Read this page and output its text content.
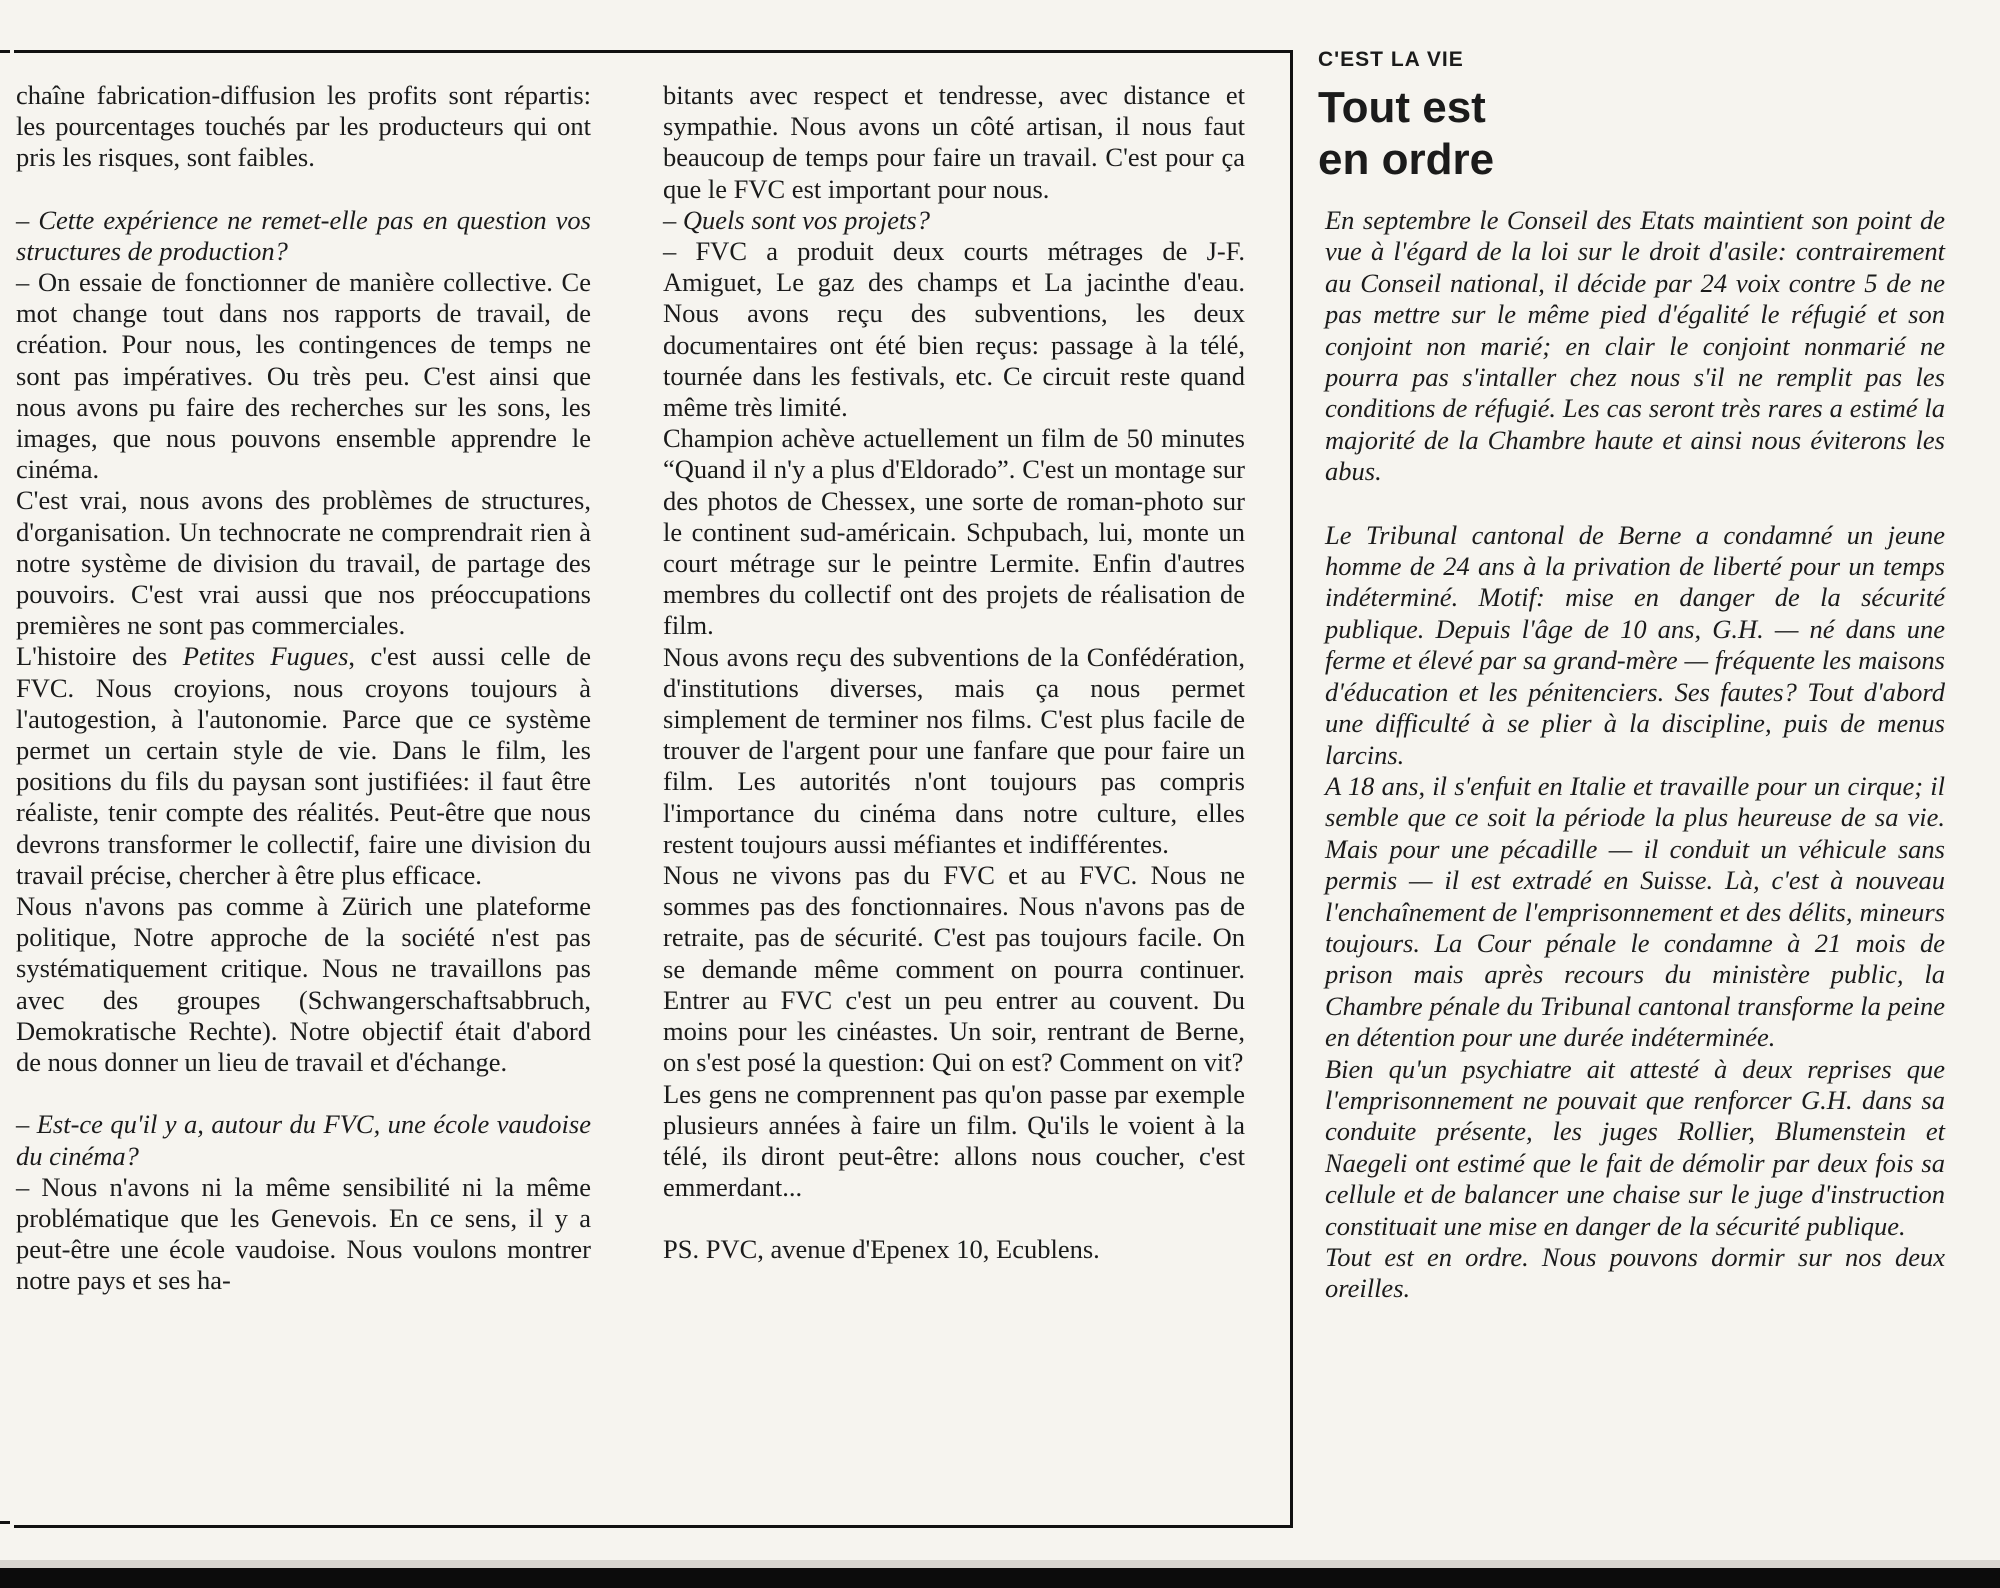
chaîne fabrication-diffusion les profits sont répartis: les pourcentages touchés par les producteurs qui ont pris les risques, sont faibles.

– Cette expérience ne remet-elle pas en question vos structures de production?

– On essaie de fonctionner de manière collective. Ce mot change tout dans nos rapports de travail, de création. Pour nous, les contingences de temps ne sont pas impératives. Ou très peu. C'est ainsi que nous avons pu faire des recherches sur les sons, les images, que nous pouvons ensemble apprendre le cinéma.

C'est vrai, nous avons des problèmes de structures, d'organisation. Un technocrate ne comprendrait rien à notre système de division du travail, de partage des pouvoirs. C'est vrai aussi que nos préoccupations premières ne sont pas commerciales.

L'histoire des Petites Fugues, c'est aussi celle de FVC. Nous croyions, nous croyons toujours à l'autogestion, à l'autonomie. Parce que ce système permet un certain style de vie. Dans le film, les positions du fils du paysan sont justifiées: il faut être réaliste, tenir compte des réalités. Peut-être que nous devrons transformer le collectif, faire une division du travail précise, chercher à être plus efficace.

Nous n'avons pas comme à Zürich une plateforme politique, Notre approche de la société n'est pas systématiquement critique. Nous ne travaillons pas avec des groupes (Schwangerschaftsabbruch, Demokratische Rechte). Notre objectif était d'abord de nous donner un lieu de travail et d'échange.

– Est-ce qu'il y a, autour du FVC, une école vaudoise du cinéma?

– Nous n'avons ni la même sensibilité ni la même problématique que les Genevois. En ce sens, il y a peut-être une école vaudoise. Nous voulons montrer notre pays et ses ha-

bitants avec respect et tendresse, avec distance et sympathie. Nous avons un côté artisan, il nous faut beaucoup de temps pour faire un travail. C'est pour ça que le FVC est important pour nous.

– Quels sont vos projets?

– FVC a produit deux courts métrages de J-F. Amiguet, Le gaz des champs et La jacinthe d'eau. Nous avons reçu des subventions, les deux documentaires ont été bien reçus: passage à la télé, tournée dans les festivals, etc. Ce circuit reste quand même très limité.

Champion achève actuellement un film de 50 minutes “Quand il n'y a plus d'Eldorado”. C'est un montage sur des photos de Chessex, une sorte de roman-photo sur le continent sud-américain. Schpubach, lui, monte un court métrage sur le peintre Lermite. Enfin d'autres membres du collectif ont des projets de réalisation de film.

Nous avons reçu des subventions de la Confédération, d'institutions diverses, mais ça nous permet simplement de terminer nos films. C'est plus facile de trouver de l'argent pour une fanfare que pour faire un film. Les autorités n'ont toujours pas compris l'importance du cinéma dans notre culture, elles restent toujours aussi méfiantes et indifférentes.

Nous ne vivons pas du FVC et au FVC. Nous ne sommes pas des fonctionnaires. Nous n'avons pas de retraite, pas de sécurité. C'est pas toujours facile. On se demande même comment on pourra continuer. Entrer au FVC c'est un peu entrer au couvent. Du moins pour les cinéastes. Un soir, rentrant de Berne, on s'est posé la question: Qui on est? Comment on vit?

Les gens ne comprennent pas qu'on passe par exemple plusieurs années à faire un film. Qu'ils le voient à la télé, ils diront peut-être: allons nous coucher, c'est emmerdant...

PS. PVC, avenue d'Epenex 10, Ecublens.

C'EST LA VIE
Tout est
en ordre

En septembre le Conseil des Etats maintient son point de vue à l'égard de la loi sur le droit d'asile: contrairement au Conseil national, il décide par 24 voix contre 5 de ne pas mettre sur le même pied d'égalité le réfugié et son conjoint non marié; en clair le conjoint nonmarié ne pourra pas s'intaller chez nous s'il ne remplit pas les conditions de réfugié. Les cas seront très rares a estimé la majorité de la Chambre haute et ainsi nous éviterons les abus.

Le Tribunal cantonal de Berne a condamné un jeune homme de 24 ans à la privation de liberté pour un temps indéterminé. Motif: mise en danger de la sécurité publique. Depuis l'âge de 10 ans, G.H. — né dans une ferme et élevé par sa grand-mère — fréquente les maisons d'éducation et les pénitenciers. Ses fautes? Tout d'abord une difficulté à se plier à la discipline, puis de menus larcins.

A 18 ans, il s'enfuit en Italie et travaille pour un cirque; il semble que ce soit la période la plus heureuse de sa vie. Mais pour une pécadille — il conduit un véhicule sans permis — il est extradé en Suisse. Là, c'est à nouveau l'enchaînement de l'emprisonnement et des délits, mineurs toujours. La Cour pénale le condamne à 21 mois de prison mais après recours du ministère public, la Chambre pénale du Tribunal cantonal transforme la peine en détention pour une durée indéterminée.

Bien qu'un psychiatre ait attesté à deux reprises que l'emprisonnement ne pouvait que renforcer G.H. dans sa conduite présente, les juges Rollier, Blumenstein et Naegeli ont estimé que le fait de démolir par deux fois sa cellule et de balancer une chaise sur le juge d'instruction constituait une mise en danger de la sécurité publique.

Tout est en ordre. Nous pouvons dormir sur nos deux oreilles.
